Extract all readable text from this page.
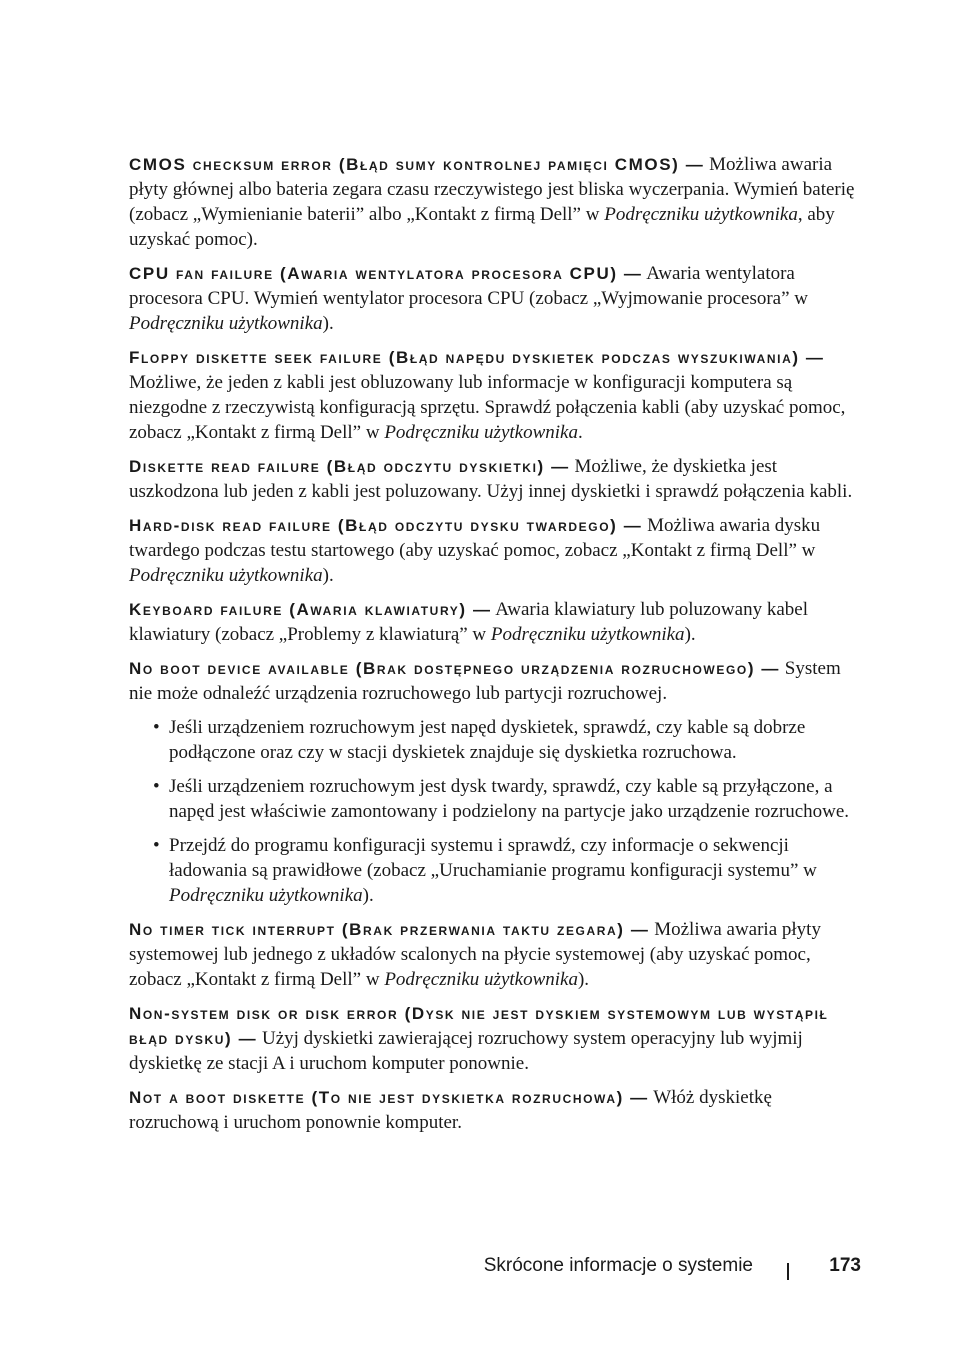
CMOS checksum error (Błąd sumy kontrolnej pamięci CMOS) — Możliwa awaria płyty głównej albo bateria zegara czasu rzeczywistego jest bliska wyczerpania. Wymień baterię (zobacz „Wymienianie baterii” albo „Kontakt z firmą Dell” w Podręczniku użytkownika, aby uzyskać pomoc).

CPU fan failure (Awaria wentylatora procesora CPU) — Awaria wentylatora procesora CPU. Wymień wentylator procesora CPU (zobacz „Wyjmowanie procesora” w Podręczniku użytkownika).

Floppy diskette seek failure (Błąd napędu dyskietek podczas wyszukiwania) — Możliwe, że jeden z kabli jest obluzowany lub informacje w konfiguracji komputera są niezgodne z rzeczywistą konfiguracją sprzętu. Sprawdź połączenia kabli (aby uzyskać pomoc, zobacz „Kontakt z firmą Dell” w Podręczniku użytkownika.

Diskette read failure (Błąd odczytu dyskietki) — Możliwe, że dyskietka jest uszkodzona lub jeden z kabli jest poluzowany. Użyj innej dyskietki i sprawdź połączenia kabli.

Hard-disk read failure (Błąd odczytu dysku twardego) — Możliwa awaria dysku twardego podczas testu startowego (aby uzyskać pomoc, zobacz „Kontakt z firmą Dell” w Podręczniku użytkownika).

Keyboard failure (Awaria klawiatury) — Awaria klawiatury lub poluzowany kabel klawiatury (zobacz „Problemy z klawiaturą” w Podręczniku użytkownika).

No boot device available (Brak dostępnego urządzenia rozruchowego) — System nie może odnaleźć urządzenia rozruchowego lub partycji rozruchowej.

• Jeśli urządzeniem rozruchowym jest napęd dyskietek, sprawdź, czy kable są dobrze podłączone oraz czy w stacji dyskietek znajduje się dyskietka rozruchowa.
• Jeśli urządzeniem rozruchowym jest dysk twardy, sprawdź, czy kable są przyłączone, a napęd jest właściwie zamontowany i podzielony na partycje jako urządzenie rozruchowe.
• Przejdź do programu konfiguracji systemu i sprawdź, czy informacje o sekwencji ładowania są prawidłowe (zobacz „Uruchamianie programu konfiguracji systemu” w Podręczniku użytkownika).

No timer tick interrupt (Brak przerwania taktu zegara) — Możliwa awaria płyty systemowej lub jednego z układów scalonych na płycie systemowej (aby uzyskać pomoc, zobacz „Kontakt z firmą Dell” w Podręczniku użytkownika).

Non-system disk or disk error (Dysk nie jest dyskiem systemowym lub wystąpił błąd dysku) — Użyj dyskietki zawierającej rozruchowy system operacyjny lub wyjmij dyskietkę ze stacji A i uruchom komputer ponownie.

Not a boot diskette (To nie jest dyskietka rozruchowa) — Włóż dyskietkę rozruchową i uruchom ponownie komputer.

Skrócone informacje o systemie	173
